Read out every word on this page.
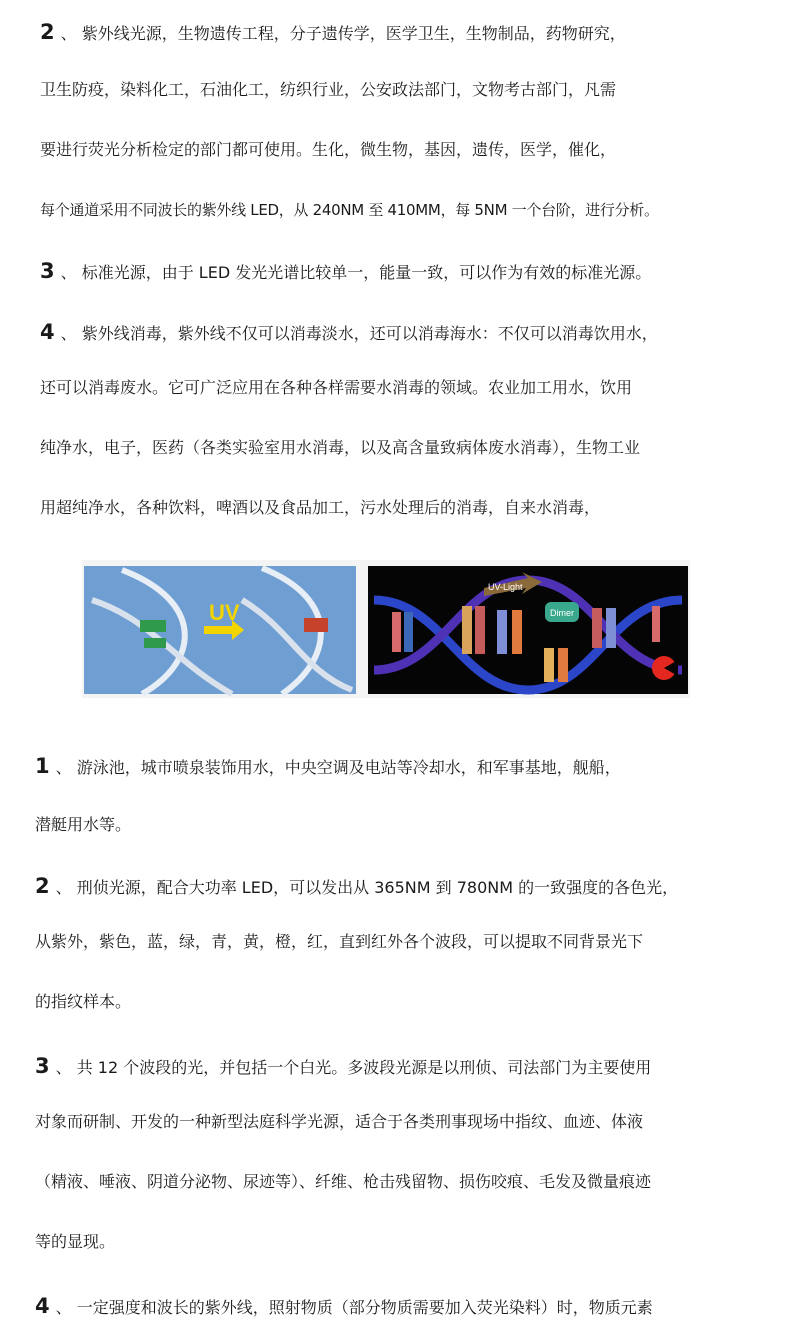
2 、 紫外线光源，生物遗传工程，分子遗传学，医学卫生，生物制品，药物研究，
卫生防疫，染料化工，石油化工，纺织行业，公安政法部门，文物考古部门，凡需
要进行荧光分析检定的部门都可使用。生化，微生物，基因，遗传，医学，催化，
每个通道采用不同波长的紫外线 LED，从 240NM 至 410MM，每 5NM 一个台阶，进行分析。
3 、 标准光源，由于 LED 发光光谱比较单一，能量一致，可以作为有效的标准光源。
4 、 紫外线消毒，紫外线不仅可以消毒淡水，还可以消毒海水：不仅可以消毒饮用水，
还可以消毒废水。它可广泛应用在各种各样需要水消毒的领域。农业加工用水，饮用
纯净水，电子，医药（各类实验室用水消毒，以及高含量致病体废水消毒），生物工业
用超纯净水，各种饮料，啤酒以及食品加工，污水处理后的消毒，自来水消毒，
UV
UV-Light
Dimer
1 、 游泳池，城市喷泉装饰用水，中央空调及电站等冷却水，和军事基地，舰船，
潜艇用水等。
2 、 刑侦光源，配合大功率 LED，可以发出从 365NM 到 780NM 的一致强度的各色光，
从紫外，紫色，蓝，绿，青，黄，橙，红，直到红外各个波段，可以提取不同背景光下
的指纹样本。
3 、 共 12 个波段的光，并包括一个白光。多波段光源是以刑侦、司法部门为主要使用
对象而研制、开发的一种新型法庭科学光源，适合于各类刑事现场中指纹、血迹、体液
（精液、唾液、阴道分泌物、尿迹等）、纤维、枪击残留物、损伤咬痕、毛发及微量痕迹
等的显现。
4 、 一定强度和波长的紫外线，照射物质（部分物质需要加入荧光染料）时，物质元素
